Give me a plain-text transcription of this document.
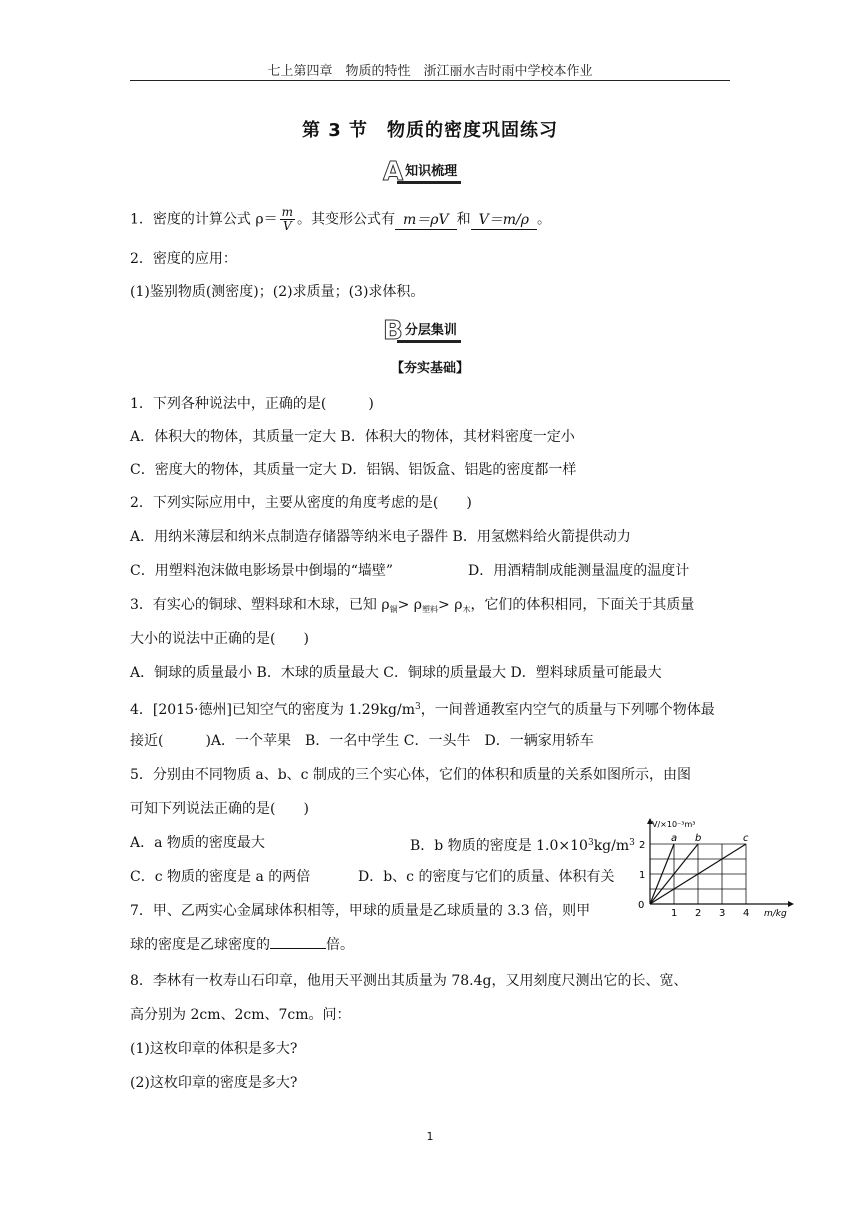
七上第四章　物质的特性　浙江丽水吉时雨中学校本作业
第 3 节　物质的密度巩固练习
A 知识梳理
1．密度的计算公式 $\rho= \frac{m}{V}$ 。其变形公式有 m＝ρV 和 V＝m/ρ 。
2．密度的应用：
(1)鉴别物质(测密度)；(2)求质量；(3)求体积。
B 分层集训
【夯实基础】
1．下列各种说法中，正确的是(　　　)
A．体积大的物体，其质量一定大 B．体积大的物体，其材料密度一定小
C．密度大的物体，其质量一定大 D．铝锅、铝饭盒、铝匙的密度都一样
2．下列实际应用中，主要从密度的角度考虑的是(　　)
A．用纳米薄层和纳米点制造存储器等纳米电子器件 B．用氢燃料给火箭提供动力
C．用塑料泡沫做电影场景中倒塌的“墙壁”	D．用酒精制成能测量温度的温度计
3．有实心的铜球、塑料球和木球，已知 $\rho_铜> \rho_{塑料}> \rho_木$，它们的体积相同，下面关于其质量
大小的说法中正确的是(　　)
A．铜球的质量最小 B．木球的质量最大 C．铜球的质量最大 D．塑料球质量可能最大
4．[2015·德州]已知空气的密度为 $1.29kg/m^3$，一间普通教室内空气的质量与下列哪个物体最
接近(　　　)A．一个苹果　B．一名中学生 C．一头牛　D．一辆家用轿车
5．分别由不同物质 a、b、c 制成的三个实心体，它们的体积和质量的关系如图所示，由图
可知下列说法正确的是(　　)
A．a 物质的密度最大	B．b 物质的密度是 $1.0\times 10^3kg/m^3$
C．c 物质的密度是 a 的两倍	D．b、c 的密度与它们的质量、体积有关
V/×10⁻³m³
m/kg
0
1 2 3 4
1
2
a b	c
7．甲、乙两实心金属球体积相等，甲球的质量是乙球质量的 3.3 倍，则甲
球的密度是乙球密度的	倍。
8．李林有一枚寿山石印章，他用天平测出其质量为 78.4g，又用刻度尺测出它的长、宽、
高分别为 2cm、2cm、7cm。问：
(1)这枚印章的体积是多大?
(2)这枚印章的密度是多大?
1
